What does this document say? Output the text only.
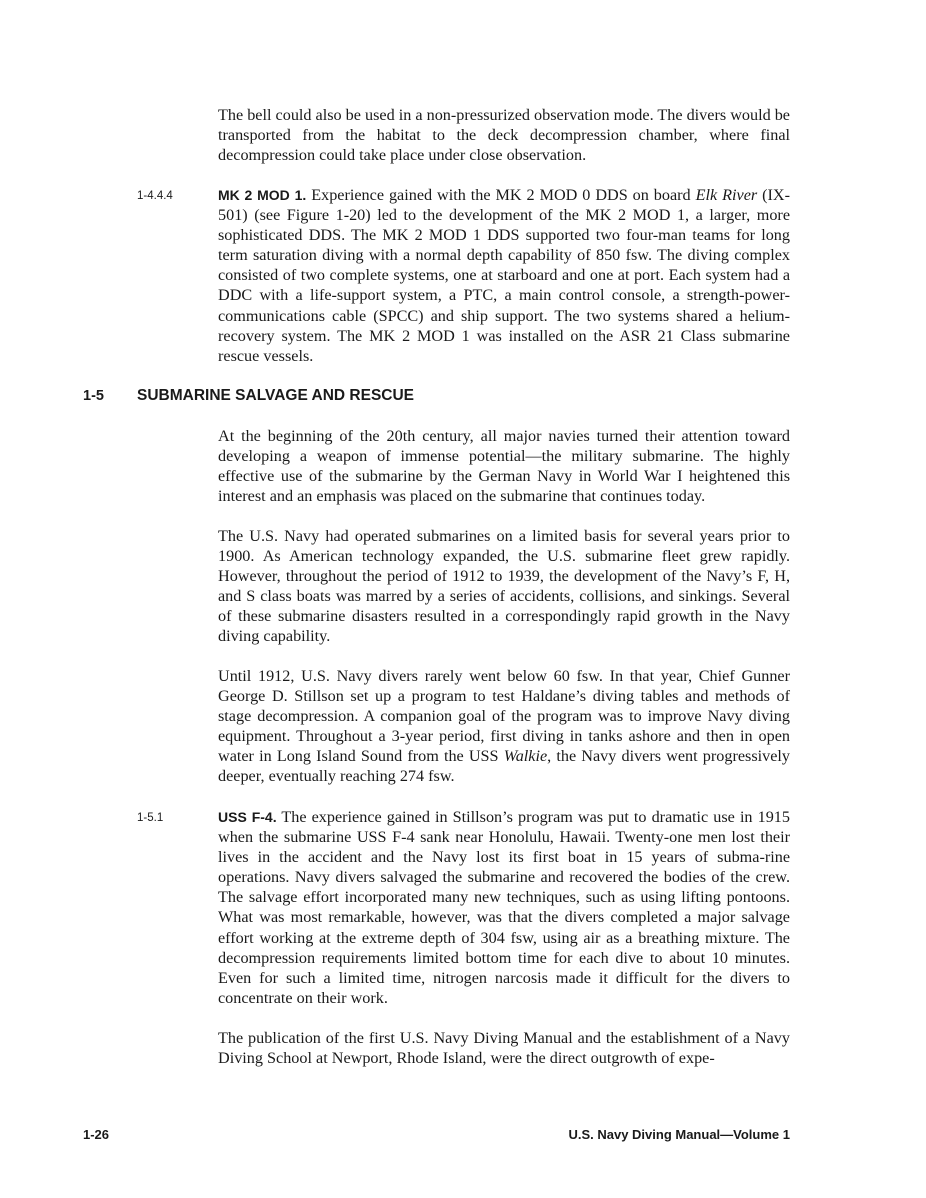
The bell could also be used in a non-pressurized observation mode. The divers would be transported from the habitat to the deck decompression chamber, where final decompression could take place under close observation.

1-4.4.4	MK 2 MOD 1. Experience gained with the MK 2 MOD 0 DDS on board Elk River (IX-501) (see Figure 1-20) led to the development of the MK 2 MOD 1, a larger, more sophisticated DDS. The MK 2 MOD 1 DDS supported two four-man teams for long term saturation diving with a normal depth capability of 850 fsw. The diving complex consisted of two complete systems, one at starboard and one at port. Each system had a DDC with a life-support system, a PTC, a main control console, a strength-power-communications cable (SPCC) and ship support. The two systems shared a helium-recovery system. The MK 2 MOD 1 was installed on the ASR 21 Class submarine rescue vessels.

1-5 SUBMARINE SALVAGE AND RESCUE

At the beginning of the 20th century, all major navies turned their attention toward developing a weapon of immense potential—the military submarine. The highly effective use of the submarine by the German Navy in World War I heightened this interest and an emphasis was placed on the submarine that continues today.

The U.S. Navy had operated submarines on a limited basis for several years prior to 1900. As American technology expanded, the U.S. submarine fleet grew rapidly. However, throughout the period of 1912 to 1939, the development of the Navy’s F, H, and S class boats was marred by a series of accidents, collisions, and sinkings. Several of these submarine disasters resulted in a correspondingly rapid growth in the Navy diving capability.

Until 1912, U.S. Navy divers rarely went below 60 fsw. In that year, Chief Gunner George D. Stillson set up a program to test Haldane’s diving tables and methods of stage decompression. A companion goal of the program was to improve Navy diving equipment. Throughout a 3-year period, first diving in tanks ashore and then in open water in Long Island Sound from the USS Walkie, the Navy divers went progressively deeper, eventually reaching 274 fsw.

1-5.1	USS F-4. The experience gained in Stillson’s program was put to dramatic use in 1915 when the submarine USS F-4 sank near Honolulu, Hawaii. Twenty-one men lost their lives in the accident and the Navy lost its first boat in 15 years of subma-rine operations. Navy divers salvaged the submarine and recovered the bodies of the crew. The salvage effort incorporated many new techniques, such as using lifting pontoons. What was most remarkable, however, was that the divers completed a major salvage effort working at the extreme depth of 304 fsw, using air as a breathing mixture. The decompression requirements limited bottom time for each dive to about 10 minutes. Even for such a limited time, nitrogen narcosis made it difficult for the divers to concentrate on their work.

The publication of the first U.S. Navy Diving Manual and the establishment of a Navy Diving School at Newport, Rhode Island, were the direct outgrowth of expe-

1-26	U.S. Navy Diving Manual—Volume 1
